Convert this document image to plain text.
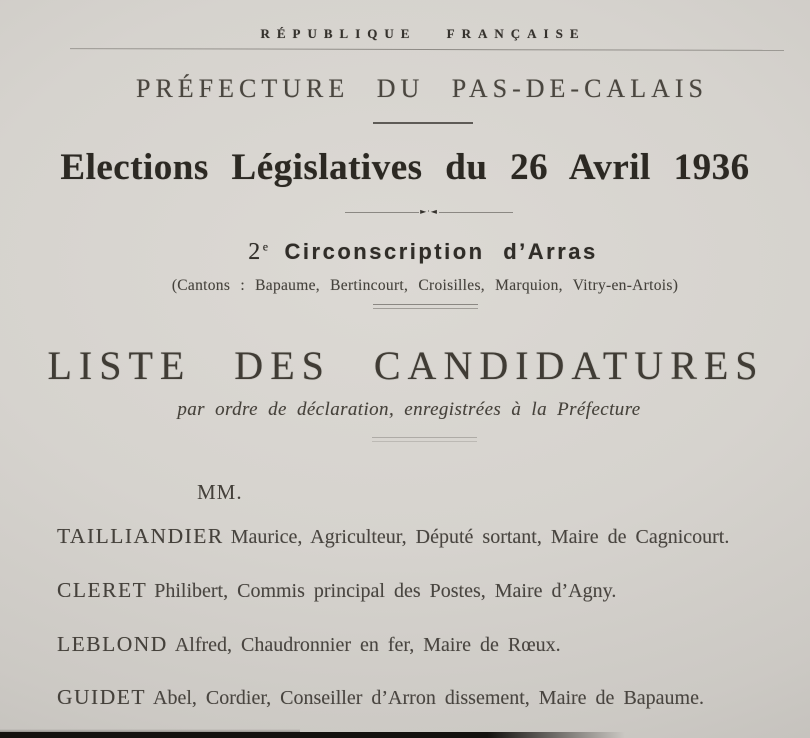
RÉPUBLIQUE FRANÇAISE
PRÉFECTURE DU PAS-DE-CALAIS
Elections Législatives du 26 Avril 1936
►·◄
2e Circonscription d’Arras
(Cantons : Bapaume, Bertincourt, Croisilles, Marquion, Vitry-en-Artois)
LISTE DES CANDIDATURES
par ordre de déclaration, enregistrées à la Préfecture
MM.

TAILLIANDIER Maurice, Agriculteur, Député sortant, Maire de Cagnicourt.

CLERET Philibert, Commis principal des Postes, Maire d’Agny.

LEBLOND Alfred, Chaudronnier en fer, Maire de Rœux.

GUIDET Abel, Cordier, Conseiller d’Arron dissement, Maire de Bapaume.
